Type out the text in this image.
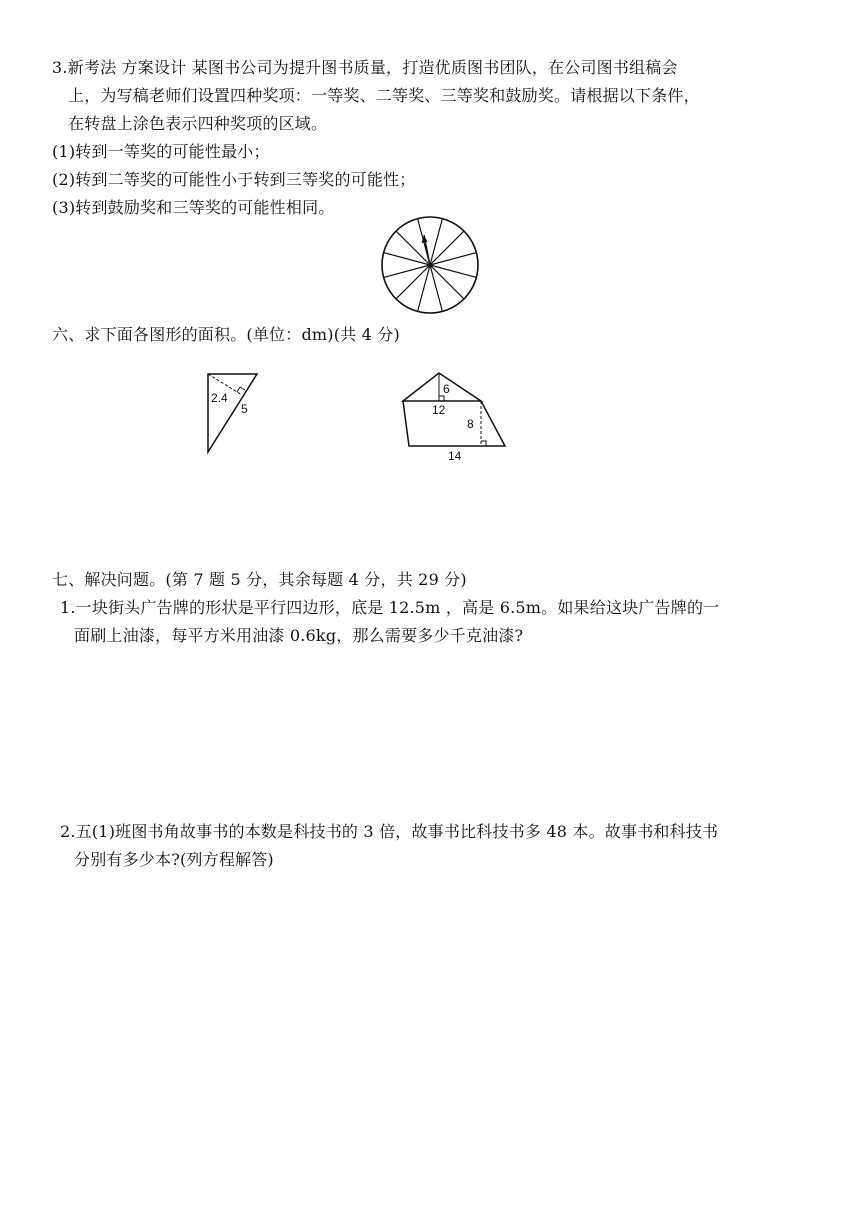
3.新考法 方案设计 某图书公司为提升图书质量，打造优质图书团队，在公司图书组稿会
上，为写稿老师们设置四种奖项：一等奖、二等奖、三等奖和鼓励奖。请根据以下条件，
在转盘上涂色表示四种奖项的区域。
(1)转到一等奖的可能性最小；
(2)转到二等奖的可能性小于转到三等奖的可能性；
(3)转到鼓励奖和三等奖的可能性相同。
六、求下面各图形的面积。(单位：dm)(共 4 分)
2.4
5
6
12
8
14
七、解决问题。(第 7 题 5 分，其余每题 4 分，共 29 分)
1.一块街头广告牌的形状是平行四边形，底是 12.5m ，高是 6.5m。如果给这块广告牌的一
面刷上油漆，每平方米用油漆 0.6kg，那么需要多少千克油漆?
2.五(1)班图书角故事书的本数是科技书的 3 倍，故事书比科技书多 48 本。故事书和科技书
分别有多少本?(列方程解答)
